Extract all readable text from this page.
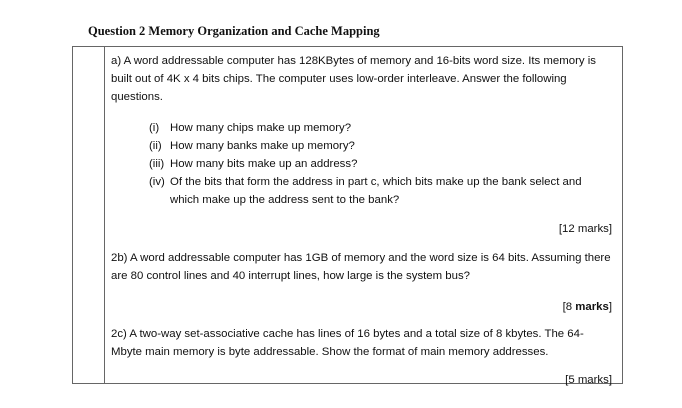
Question 2 Memory Organization and Cache Mapping
a) A word addressable computer has 128KBytes of memory and 16-bits word size. Its memory is built out of 4K x 4 bits chips. The computer uses low-order interleave. Answer the following questions.
(i) How many chips make up memory?
(ii) How many banks make up memory?
(iii) How many bits make up an address?
(iv) Of the bits that form the address in part c, which bits make up the bank select and which make up the address sent to the bank?
[12 marks]
2b) A word addressable computer has 1GB of memory and the word size is 64 bits. Assuming there are 80 control lines and 40 interrupt lines, how large is the system bus?
[8 marks]
2c) A two-way set-associative cache has lines of 16 bytes and a total size of 8 kbytes. The 64-Mbyte main memory is byte addressable. Show the format of main memory addresses.
[5 marks]
